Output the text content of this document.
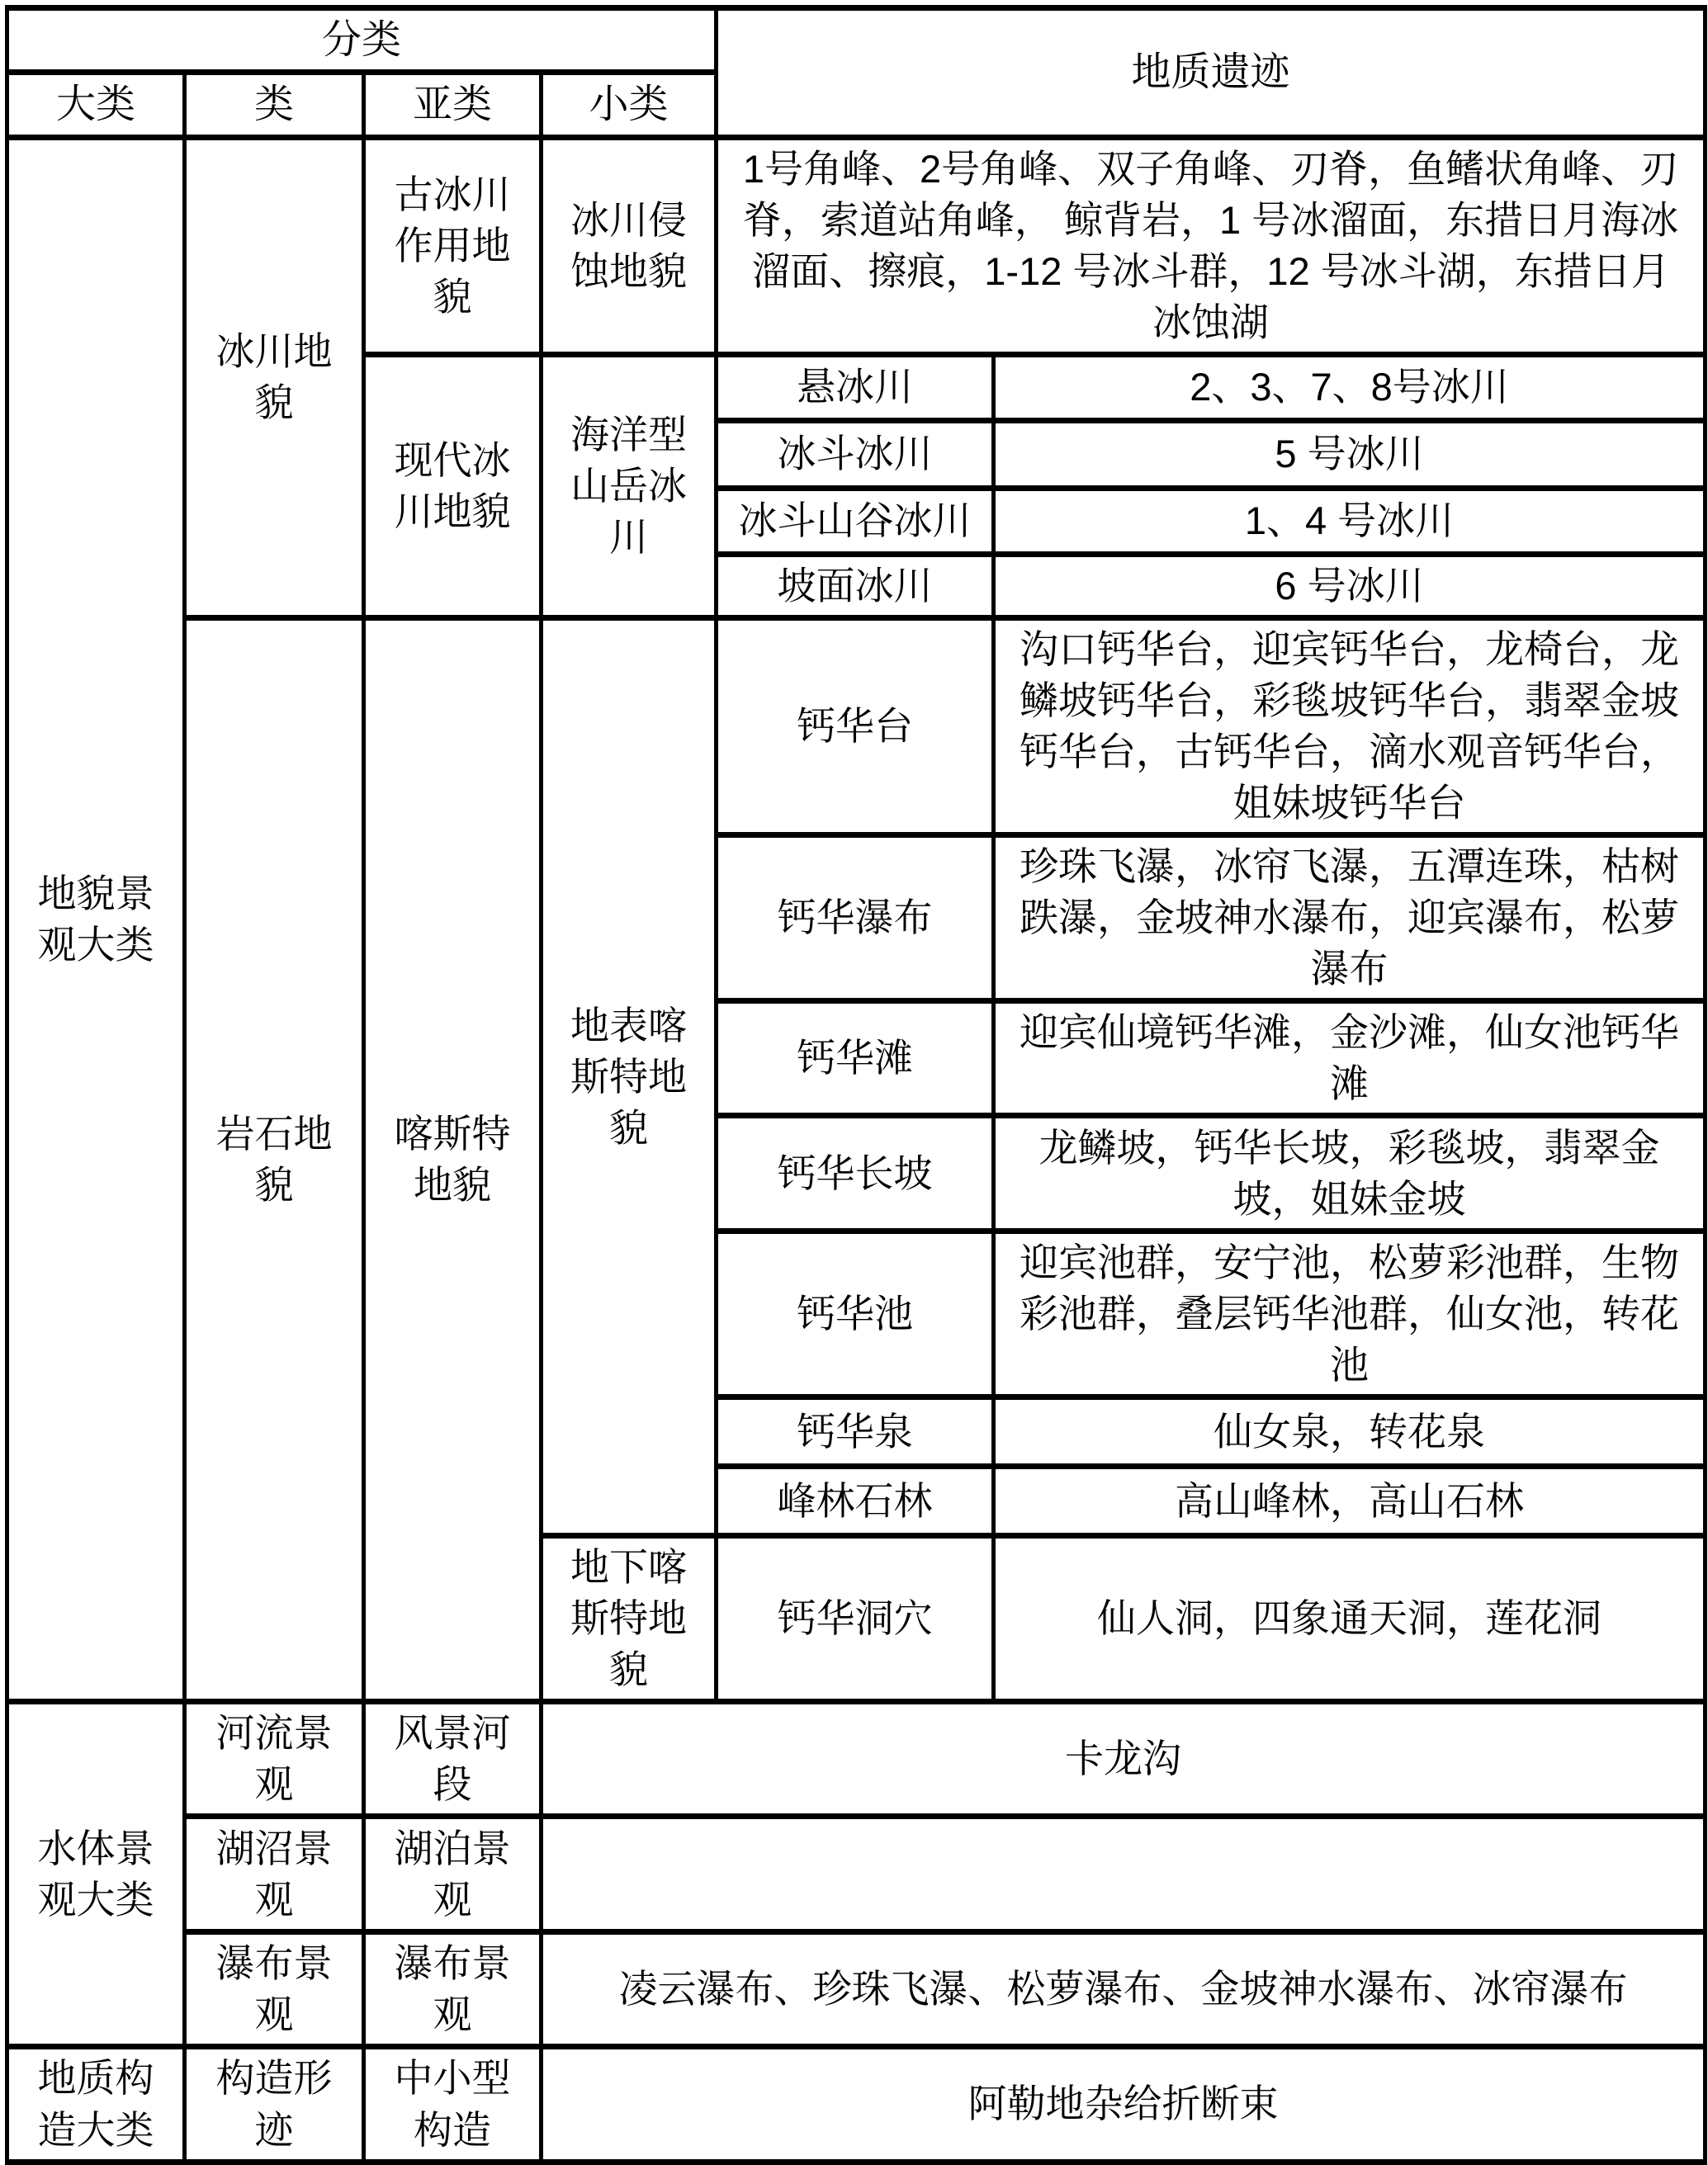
分类				地质遗迹	
大类	类	亚类	小类		
地貌景观大类	冰川地貌	古冰川作用地貌	冰川侵蚀地貌	1号角峰、2号角峰、双子角峰、刃脊，鱼鳍状角峰、刃脊，索道站角峰， 鲸背岩，1 号冰溜面，东措日月海冰溜面、擦痕，1-12 号冰斗群，12 号冰斗湖，东措日月冰蚀湖	
		现代冰川地貌	海洋型山岳冰川	悬冰川	2、3、7、8号冰川
				冰斗冰川	5 号冰川
				冰斗山谷冰川	1、4 号冰川
				坡面冰川	6 号冰川
	岩石地貌	喀斯特地貌	地表喀斯特地貌	钙华台	沟口钙华台，迎宾钙华台，龙椅台，龙鳞坡钙华台，彩毯坡钙华台，翡翠金坡钙华台，古钙华台，滴水观音钙华台，姐妹坡钙华台
				钙华瀑布	珍珠飞瀑，冰帘飞瀑，五潭连珠，枯树跌瀑，金坡神水瀑布，迎宾瀑布，松萝瀑布
				钙华滩	迎宾仙境钙华滩，金沙滩，仙女池钙华滩
				钙华长坡	龙鳞坡，钙华长坡，彩毯坡，翡翠金坡，姐妹金坡
				钙华池	迎宾池群，安宁池，松萝彩池群，生物彩池群，叠层钙华池群，仙女池，转花池
				钙华泉	仙女泉，转花泉
				峰林石林	高山峰林，高山石林
			地下喀斯特地貌	钙华洞穴	仙人洞，四象通天洞，莲花洞
水体景观大类	河流景观	风景河段	卡龙沟		
	湖沼景观	湖泊景观			
	瀑布景观	瀑布景观	凌云瀑布、珍珠飞瀑、松萝瀑布、金坡神水瀑布、冰帘瀑布		
地质构造大类	构造形迹	中小型构造	阿勒地杂给折断束		
